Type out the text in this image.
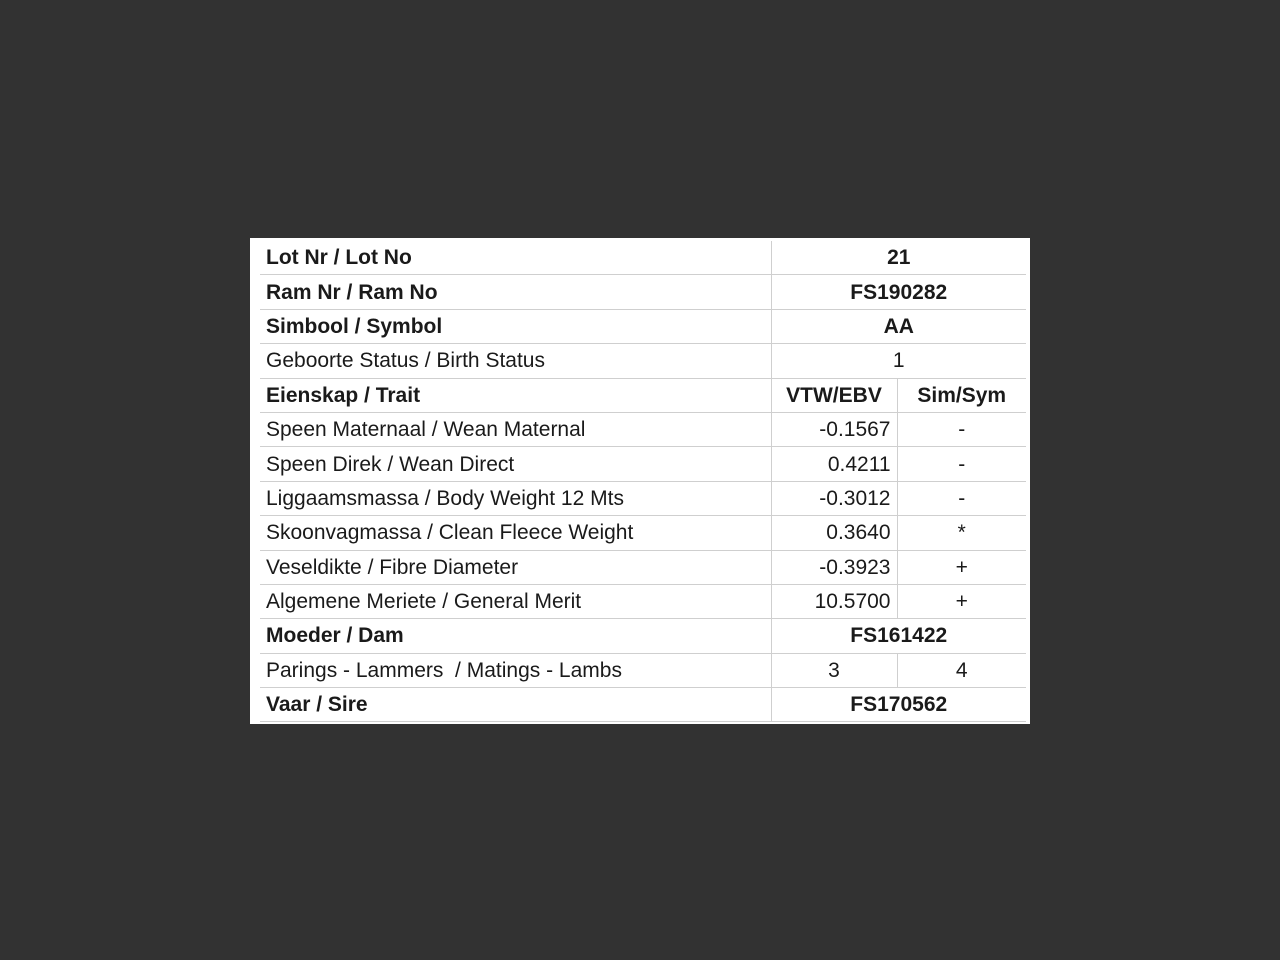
Lot Nr / Lot No	21	
Ram Nr / Ram No	FS190282	
Simbool / Symbol	AA	
Geboorte Status / Birth Status	1	
Eienskap / Trait	VTW/EBV	Sim/Sym
Speen Maternaal / Wean Maternal	-0.1567	-
Speen Direk / Wean Direct	0.4211	-
Liggaamsmassa / Body Weight 12 Mts	-0.3012	-
Skoonvagmassa / Clean Fleece Weight	0.3640	*
Veseldikte / Fibre Diameter	-0.3923	+
Algemene Meriete / General Merit	10.5700	+
Moeder / Dam	FS161422	
Parings - Lammers  / Matings - Lambs	3	4
Vaar / Sire	FS170562	
